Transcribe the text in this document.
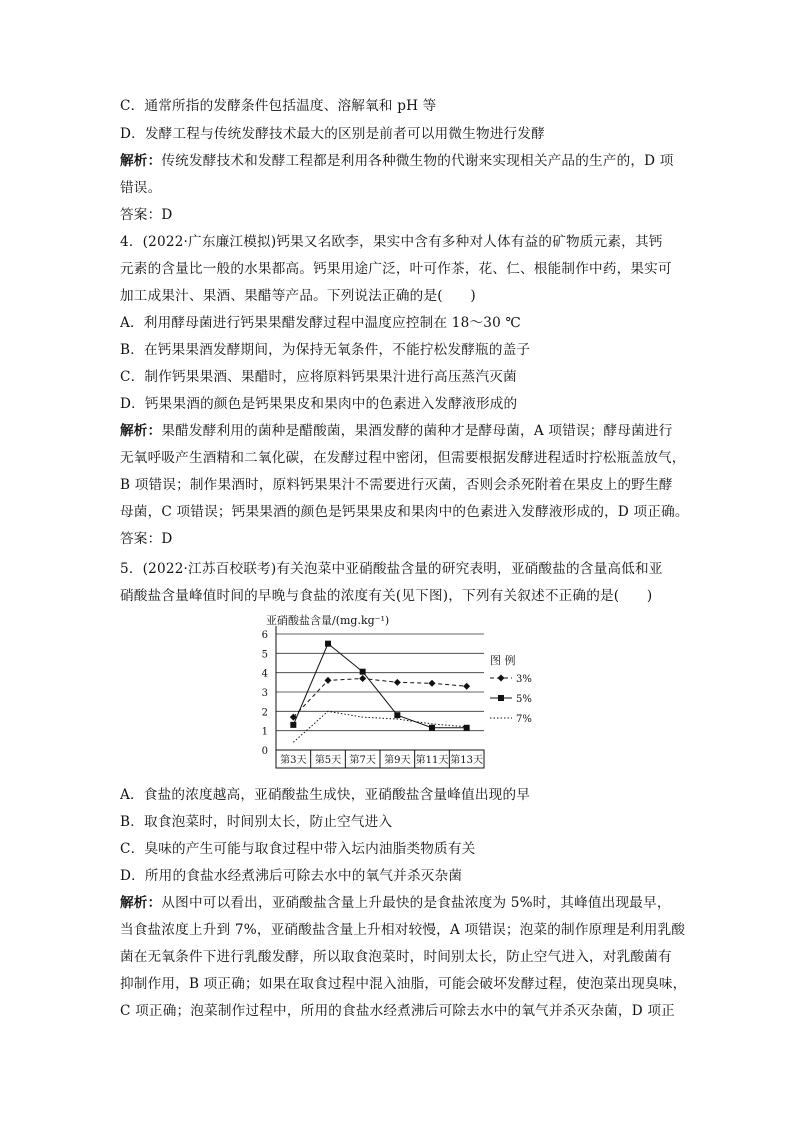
C．通常所指的发酵条件包括温度、溶解氧和 pH 等
D．发酵工程与传统发酵技术最大的区别是前者可以用微生物进行发酵
解析：传统发酵技术和发酵工程都是利用各种微生物的代谢来实现相关产品的生产的，D 项
错误。
答案：D
4．(2022·广东廉江模拟)钙果又名欧李，果实中含有多种对人体有益的矿物质元素，其钙
元素的含量比一般的水果都高。钙果用途广泛，叶可作茶，花、仁、根能制作中药，果实可
加工成果汁、果酒、果醋等产品。下列说法正确的是(　　)
A．利用酵母菌进行钙果果醋发酵过程中温度应控制在 18～30 ℃
B．在钙果果酒发酵期间，为保持无氧条件，不能拧松发酵瓶的盖子
C．制作钙果果酒、果醋时，应将原料钙果果汁进行高压蒸汽灭菌
D．钙果果酒的颜色是钙果果皮和果肉中的色素进入发酵液形成的
解析：果醋发酵利用的菌种是醋酸菌，果酒发酵的菌种才是酵母菌，A 项错误；酵母菌进行
无氧呼吸产生酒精和二氧化碳，在发酵过程中密闭，但需要根据发酵进程适时拧松瓶盖放气，
B 项错误；制作果酒时，原料钙果果汁不需要进行灭菌，否则会杀死附着在果皮上的野生酵
母菌，C 项错误；钙果果酒的颜色是钙果果皮和果肉中的色素进入发酵液形成的，D 项正确。
答案：D
5．(2022·江苏百校联考)有关泡菜中亚硝酸盐含量的研究表明，亚硝酸盐的含量高低和亚
硝酸盐含量峰值时间的早晚与食盐的浓度有关(见下图)，下列有关叙述不正确的是(　　)
亚硝酸盐含量/(mg.kg⁻¹)
0
1
2
3
4
5
6
第3天 第5天 第7天 第9天 第11天 第13天
图 例
3%
5%
7%
A．食盐的浓度越高，亚硝酸盐生成快，亚硝酸盐含量峰值出现的早
B．取食泡菜时，时间别太长，防止空气进入
C．臭味的产生可能与取食过程中带入坛内油脂类物质有关
D．所用的食盐水经煮沸后可除去水中的氧气并杀灭杂菌
解析：从图中可以看出，亚硝酸盐含量上升最快的是食盐浓度为 5%时，其峰值出现最早，
当食盐浓度上升到 7%，亚硝酸盐含量上升相对较慢，A 项错误；泡菜的制作原理是利用乳酸
菌在无氧条件下进行乳酸发酵，所以取食泡菜时，时间别太长，防止空气进入，对乳酸菌有
抑制作用，B 项正确；如果在取食过程中混入油脂，可能会破坏发酵过程，使泡菜出现臭味，
C 项正确；泡菜制作过程中，所用的食盐水经煮沸后可除去水中的氧气并杀灭杂菌，D 项正
